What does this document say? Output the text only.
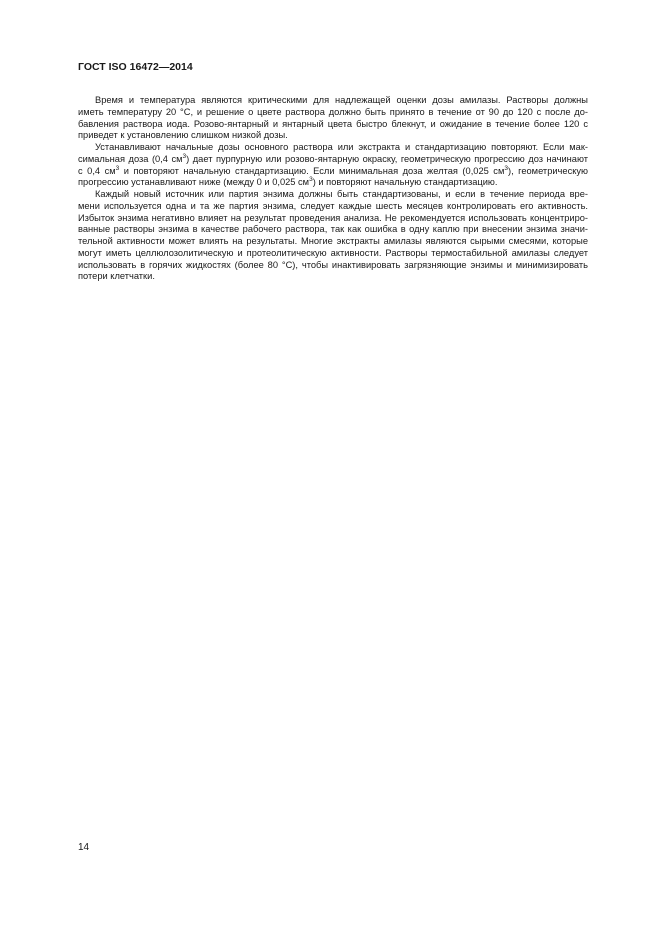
ГОСТ ISO 16472—2014
Время и температура являются критическими для надлежащей оценки дозы амилазы. Растворы должны
иметь температуру 20 °С, и решение о цвете раствора должно быть принято в течение от 90 до 120 с после до-
бавления раствора иода. Розово-янтарный и янтарный цвета быстро блекнут, и ожидание в течение более 120 с
приведет к установлению слишком низкой дозы.
Устанавливают начальные дозы основного раствора или экстракта и стандартизацию повторяют. Если мак-
симальная доза (0,4 $см^3$) дает пурпурную или розово-янтарную окраску, геометрическую прогрессию доз начинают
с 0,4 $см^3$ и повторяют начальную стандартизацию. Если минимальная доза желтая (0,025 $см^3$), геометрическую
прогрессию устанавливают ниже (между 0 и 0,025 $см^3$) и повторяют начальную стандартизацию.
Каждый новый источник или партия энзима должны быть стандартизованы, и если в течение периода вре-
мени используется одна и та же партия энзима, следует каждые шесть месяцев контролировать его активность.
Избыток энзима негативно влияет на результат проведения анализа. Не рекомендуется использовать концентриро-
ванные растворы энзима в качестве рабочего раствора, так как ошибка в одну каплю при внесении энзима значи-
тельной активности может влиять на результаты. Многие экстракты амилазы являются сырыми смесями, которые
могут иметь целлюлозолитическую и протеолитическую активности. Растворы термостабильной амилазы следует
использовать в горячих жидкостях (более 80 °С), чтобы инактивировать загрязняющие энзимы и минимизировать
потери клетчатки.
14
